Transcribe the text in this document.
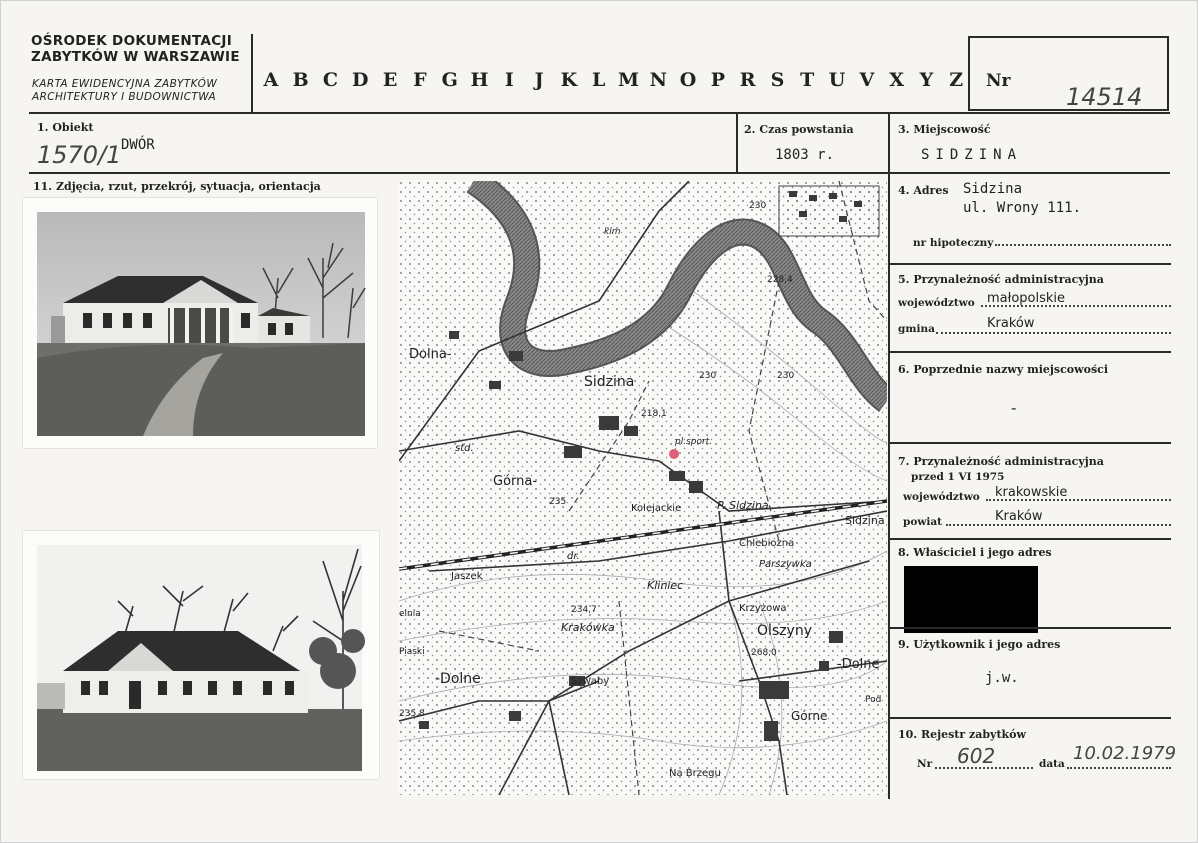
OŚRODEK DOKUMENTACJI
ZABYTKÓW W WARSZAWIE
KARTA EWIDENCYJNA ZABYTKÓW
ARCHITEKTURY I BUDOWNICTWA
A B C D E F G H I	J K L M N O P R S T U V X Y Z	Nr
14514
1. Obiekt
1570/1 DWÓR
2. Czas powstania
1803 r.
3. Miejscowość
SIDZINA
11. Zdjęcia, rzut, przekrój, sytuacja, orientacja
Sidzina
Dolna-
Górna-
Kolejackie	P. Sidzina
Sidzina
Chlebiozna
Parszywka
Jaszek
Kliniec
Krzyżowa
Olszyny
-Dolne
Krakówka
-Dolne	Szwaby
Górne
Na Brzegu
pl.sport.
std.
dr.
klm
Piaski
elnia
218,1
228,4
230
230
230
235
234,7
268,0
235,8
Pod
4. Adres Sidzina
ul. Wrony 111.
nr hipoteczny
5. Przynależność administracyjna
województwo małopolskie
gmina	Kraków
6. Poprzednie nazwy miejscowości
-
7. Przynależność administracyjna
przed 1 VI 1975
województwo krakowskie
powiat	Kraków
8. Właściciel i jego adres
9. Użytkownik i jego adres
j.w.
10. Rejestr zabytków
Nr 602	data 10.02.1979
